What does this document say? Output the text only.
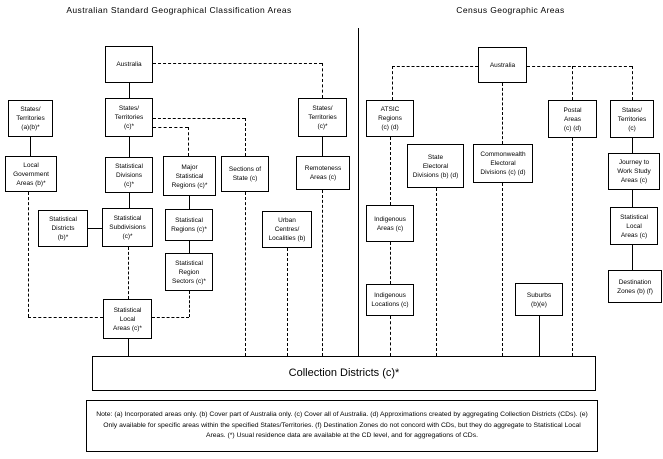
Australian Standard Geographical Classification Areas	Census Geographic Areas
Australia
States/
Territories
(a)(b)*
States/
Territories
(c)*
States/
Territories
(c)*
Local
Government
Areas (b)*
Statistical
Divisions
(c)*
Major
Statistical
Regions (c)*
Sections of
State (c)
Remoteness
Areas (c)
Statistical
Districts
(b)*
Statistical
Subdivisions
(c)*
Statistical
Regions (c)*
Urban
Centres/
Localities (b)
Statistical
Region
Sectors (c)*
Statistical
Local
Areas (c)*
Australia
ATSIC
Regions
(c) (d)
Postal
Areas
(c) (d)
States/
Territories
(c)
State
Electoral
Divisions (b) (d)
Commonwealth
Electoral
Divisions (c) (d)
Journey to
Work Study
Areas (c)
Indigenous
Areas (c)
Statistical
Local
Areas (c)
Indigenous
Locations (c)
Suburbs
(b)(e)
Destination
Zones (b) (f)
Collection Districts (c)*
Note: (a) Incorporated areas only. (b) Cover part of Australia only. (c) Cover all of Australia. (d) Approximations created by aggregating Collection Districts (CDs). (e) Only available for specific areas within the specified States/Territories. (f) Destination Zones do not concord with CDs, but they do aggregate to Statistical Local Areas. (*) Usual residence data are available at the CD level, and for aggregations of CDs.
